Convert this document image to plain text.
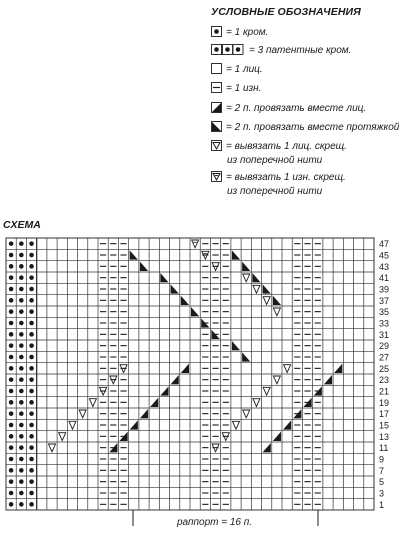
УСЛОВНЫЕ ОБОЗНАЧЕНИЯ
= 1 кром.
= 3 патентные кром.
= 1 лиц.
= 1 изн.
= 2 п. провязать вместе лиц.
= 2 п. провязать вместе протяжкой
= вывязать 1 лиц. скрещ.
из поперечной нити
= вывязать 1 изн. скрещ.
из поперечной нити
СХЕМА
47
45
43
41
39
37
35
33
31
29
27
25
23
21
19
17
15
13
11
9
7
5
3
1
раппорт = 16 п.
